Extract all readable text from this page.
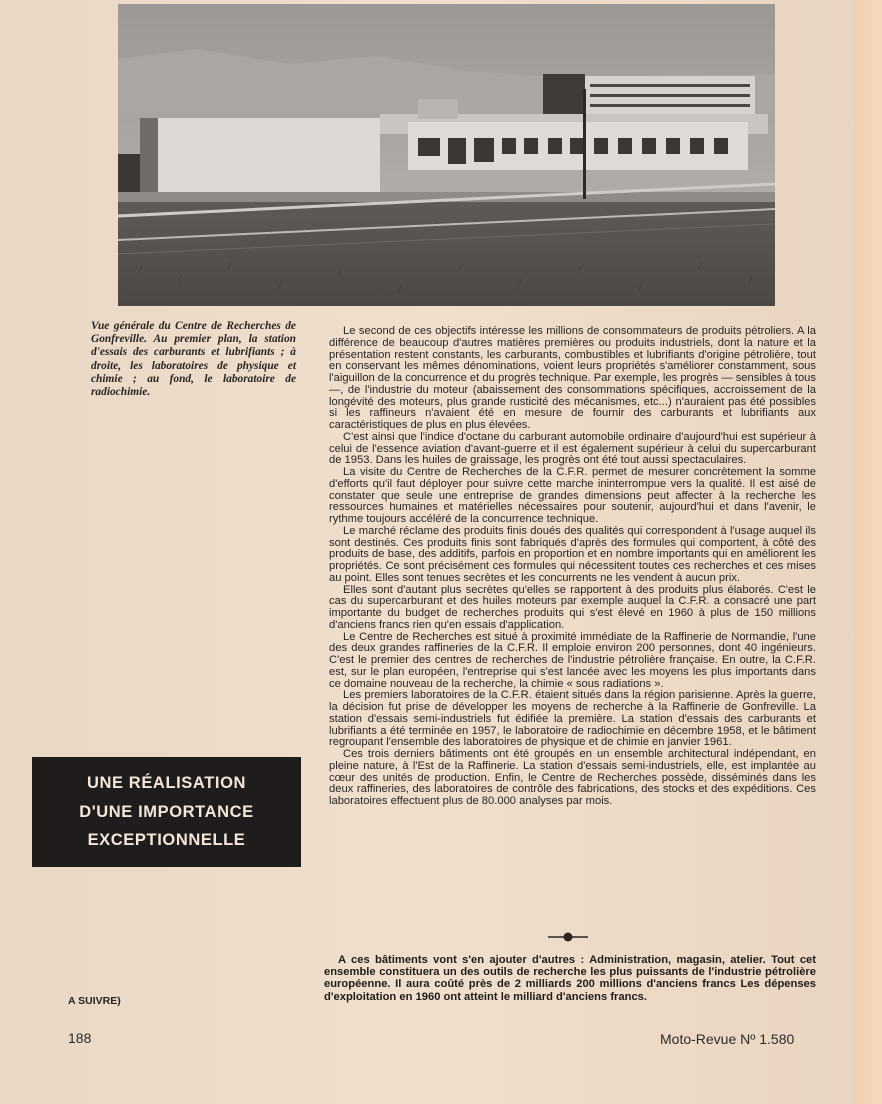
Vue générale du Centre de Recherches de Gonfreville. Au premier plan, la station d'essais des carburants et lubrifiants ; à droite, les laboratoires de physique et chimie ; au fond, le laboratoire de radiochimie.

Le second de ces objectifs intéresse les millions de consommateurs de produits pétroliers. A la différence de beaucoup d'autres matières premières ou produits industriels, dont la nature et la présentation restent constants, les carburants, combustibles et lubrifiants d'origine pétrolière, tout en conservant les mêmes dénominations, voient leurs propriétés s'améliorer constamment, sous l'aiguillon de la concurrence et du progrès technique. Par exemple, les progrès — sensibles à tous —, de l'industrie du moteur (abaissement des consommations spécifiques, accroissement de la longévité des moteurs, plus grande rusticité des mécanismes, etc...) n'auraient pas été possibles si les raffineurs n'avaient été en mesure de fournir des carburants et lubrifiants aux caractéristiques de plus en plus élevées.

C'est ainsi que l'indice d'octane du carburant automobile ordinaire d'aujourd'hui est supérieur à celui de l'essence aviation d'avant-guerre et il est également supérieur à celui du supercarburant de 1953. Dans les huiles de graissage, les progrès ont été tout aussi spectaculaires.

La visite du Centre de Recherches de la C.F.R. permet de mesurer concrètement la somme d'efforts qu'il faut déployer pour suivre cette marche ininterrompue vers la qualité. Il est aisé de constater que seule une entreprise de grandes dimensions peut affecter à la recherche les ressources humaines et matérielles nécessaires pour soutenir, aujourd'hui et dans l'avenir, le rythme toujours accéléré de la concurrence technique.

Le marché réclame des produits finis doués des qualités qui correspondent à l'usage auquel ils sont destinés. Ces produits finis sont fabriqués d'après des formules qui comportent, à côté des produits de base, des additifs, parfois en proportion et en nombre importants qui en améliorent les propriétés. Ce sont précisément ces formules qui nécessitent toutes ces recherches et ces mises au point. Elles sont tenues secrètes et les concurrents ne les vendent à aucun prix.

Elles sont d'autant plus secrètes qu'elles se rapportent à des produits plus élaborés. C'est le cas du supercarburant et des huiles moteurs par exemple auquel la C.F.R. a consacré une part importante du budget de recherches produits qui s'est élevé en 1960 à plus de 150 millions d'anciens francs rien qu'en essais d'application.

Le Centre de Recherches est situé à proximité immédiate de la Raffinerie de Normandie, l'une des deux grandes raffineries de la C.F.R. Il emploie environ 200 personnes, dont 40 ingénieurs. C'est le premier des centres de recherches de l'industrie pétrolière française. En outre, la C.F.R. est, sur le plan européen, l'entreprise qui s'est lancée avec les moyens les plus importants dans ce domaine nouveau de la recherche, la chimie « sous radiations ».

Les premiers laboratoires de la C.F.R. étaient situés dans la région parisienne. Après la guerre, la décision fut prise de développer les moyens de recherche à la Raffinerie de Gonfreville. La station d'essais semi-industriels fut édifiée la première. La station d'essais des carburants et lubrifiants a été terminée en 1957, le laboratoire de radiochimie en décembre 1958, et le bâtiment regroupant l'ensemble des laboratoires de physique et de chimie en janvier 1961.

Ces trois derniers bâtiments ont été groupés en un ensemble architectural indépendant, en pleine nature, à l'Est de la Raffinerie. La station d'essais semi-industriels, elle, est implantée au cœur des unités de production. Enfin, le Centre de Recherches possède, disséminés dans les deux raffineries, des laboratoires de contrôle des fabrications, des stocks et des expéditions. Ces laboratoires effectuent plus de 80.000 analyses par mois.

A ces bâtiments vont s'en ajouter d'autres : Administration, magasin, atelier. Tout cet ensemble constituera un des outils de recherche les plus puissants de l'industrie pétrolière européenne. Il aura coûté près de 2 milliards 200 millions d'anciens francs Les dépenses d'exploitation en 1960 ont atteint le milliard d'anciens francs.

UNE RÉALISATION
D'UNE IMPORTANCE
EXCEPTIONNELLE
A SUIVRE)
188	Moto-Revue Nº 1.580
